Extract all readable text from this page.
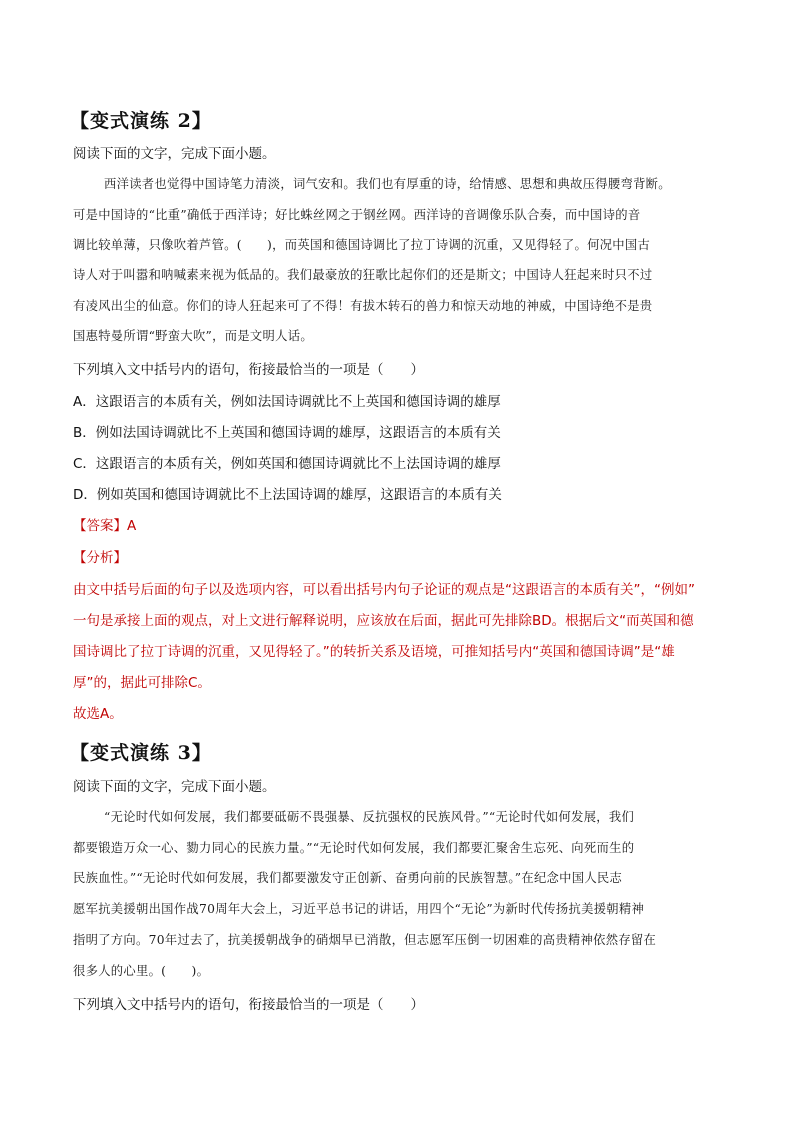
【变式演练 2】
阅读下面的文字，完成下面小题。
西洋读者也觉得中国诗笔力清淡，词气安和。我们也有厚重的诗，给情感、思想和典故压得腰弯背断。
可是中国诗的“比重”确低于西洋诗；好比蛛丝网之于钢丝网。西洋诗的音调像乐队合奏，而中国诗的音
调比较单薄，只像吹着芦管。(　　)，而英国和德国诗调比了拉丁诗调的沉重，又见得轻了。何况中国古
诗人对于叫嚣和呐喊素来视为低品的。我们最豪放的狂歌比起你们的还是斯文；中国诗人狂起来时只不过
有凌风出尘的仙意。你们的诗人狂起来可了不得！有拔木转石的兽力和惊天动地的神威，中国诗绝不是贵
国惠特曼所谓“野蛮大吹”，而是文明人话。
下列填入文中括号内的语句，衔接最恰当的一项是（　　）
A．这跟语言的本质有关，例如法国诗调就比不上英国和德国诗调的雄厚
B．例如法国诗调就比不上英国和德国诗调的雄厚，这跟语言的本质有关
C．这跟语言的本质有关，例如英国和德国诗调就比不上法国诗调的雄厚
D．例如英国和德国诗调就比不上法国诗调的雄厚，这跟语言的本质有关
【答案】A
【分析】
由文中括号后面的句子以及选项内容，可以看出括号内句子论证的观点是“这跟语言的本质有关”，“例如”
一句是承接上面的观点，对上文进行解释说明，应该放在后面，据此可先排除BD。根据后文“而英国和德
国诗调比了拉丁诗调的沉重，又见得轻了。”的转折关系及语境，可推知括号内“英国和德国诗调”是“雄
厚”的，据此可排除C。
故选A。
【变式演练 3】
阅读下面的文字，完成下面小题。
“无论时代如何发展，我们都要砥砺不畏强暴、反抗强权的民族风骨。”“无论时代如何发展，我们
都要锻造万众一心、勠力同心的民族力量。”“无论时代如何发展，我们都要汇聚舍生忘死、向死而生的
民族血性。”“无论时代如何发展，我们都要激发守正创新、奋勇向前的民族智慧。”在纪念中国人民志
愿军抗美援朝出国作战70周年大会上，习近平总书记的讲话，用四个“无论”为新时代传扬抗美援朝精神
指明了方向。70年过去了，抗美援朝战争的硝烟早已消散，但志愿军压倒一切困难的高贵精神依然存留在
很多人的心里。(　　)。
下列填入文中括号内的语句，衔接最恰当的一项是（　　）
